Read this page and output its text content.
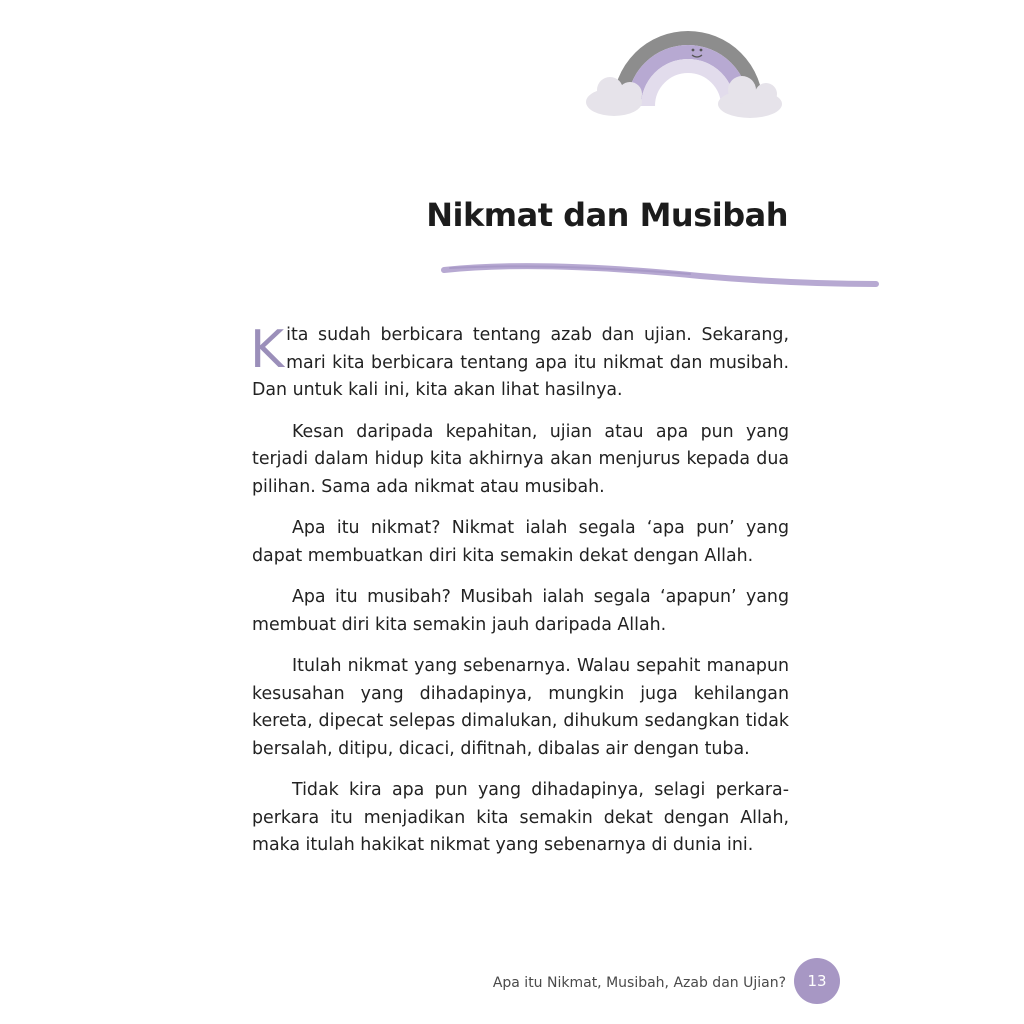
Nikmat dan Musibah

Kita sudah berbicara tentang azab dan ujian. Sekarang, mari kita berbicara tentang apa itu nikmat dan musibah. Dan untuk kali ini, kita akan lihat hasilnya.

Kesan daripada kepahitan, ujian atau apa pun yang terjadi dalam hidup kita akhirnya akan menjurus kepada dua pilihan. Sama ada nikmat atau musibah.

Apa itu nikmat? Nikmat ialah segala ‘apa pun’ yang dapat membuatkan diri kita semakin dekat dengan Allah.

Apa itu musibah? Musibah ialah segala ‘apapun’ yang membuat diri kita semakin jauh daripada Allah.

Itulah nikmat yang sebenarnya. Walau sepahit manapun kesusahan yang dihadapinya, mungkin juga kehilangan kereta, dipecat selepas dimalukan, dihukum sedangkan tidak bersalah, ditipu, dicaci, difitnah, dibalas air dengan tuba.

Tidak kira apa pun yang dihadapinya, selagi perkara-perkara itu menjadikan kita semakin dekat dengan Allah, maka itulah hakikat nikmat yang sebenarnya di dunia ini.

Apa itu Nikmat, Musibah, Azab dan Ujian?	13
